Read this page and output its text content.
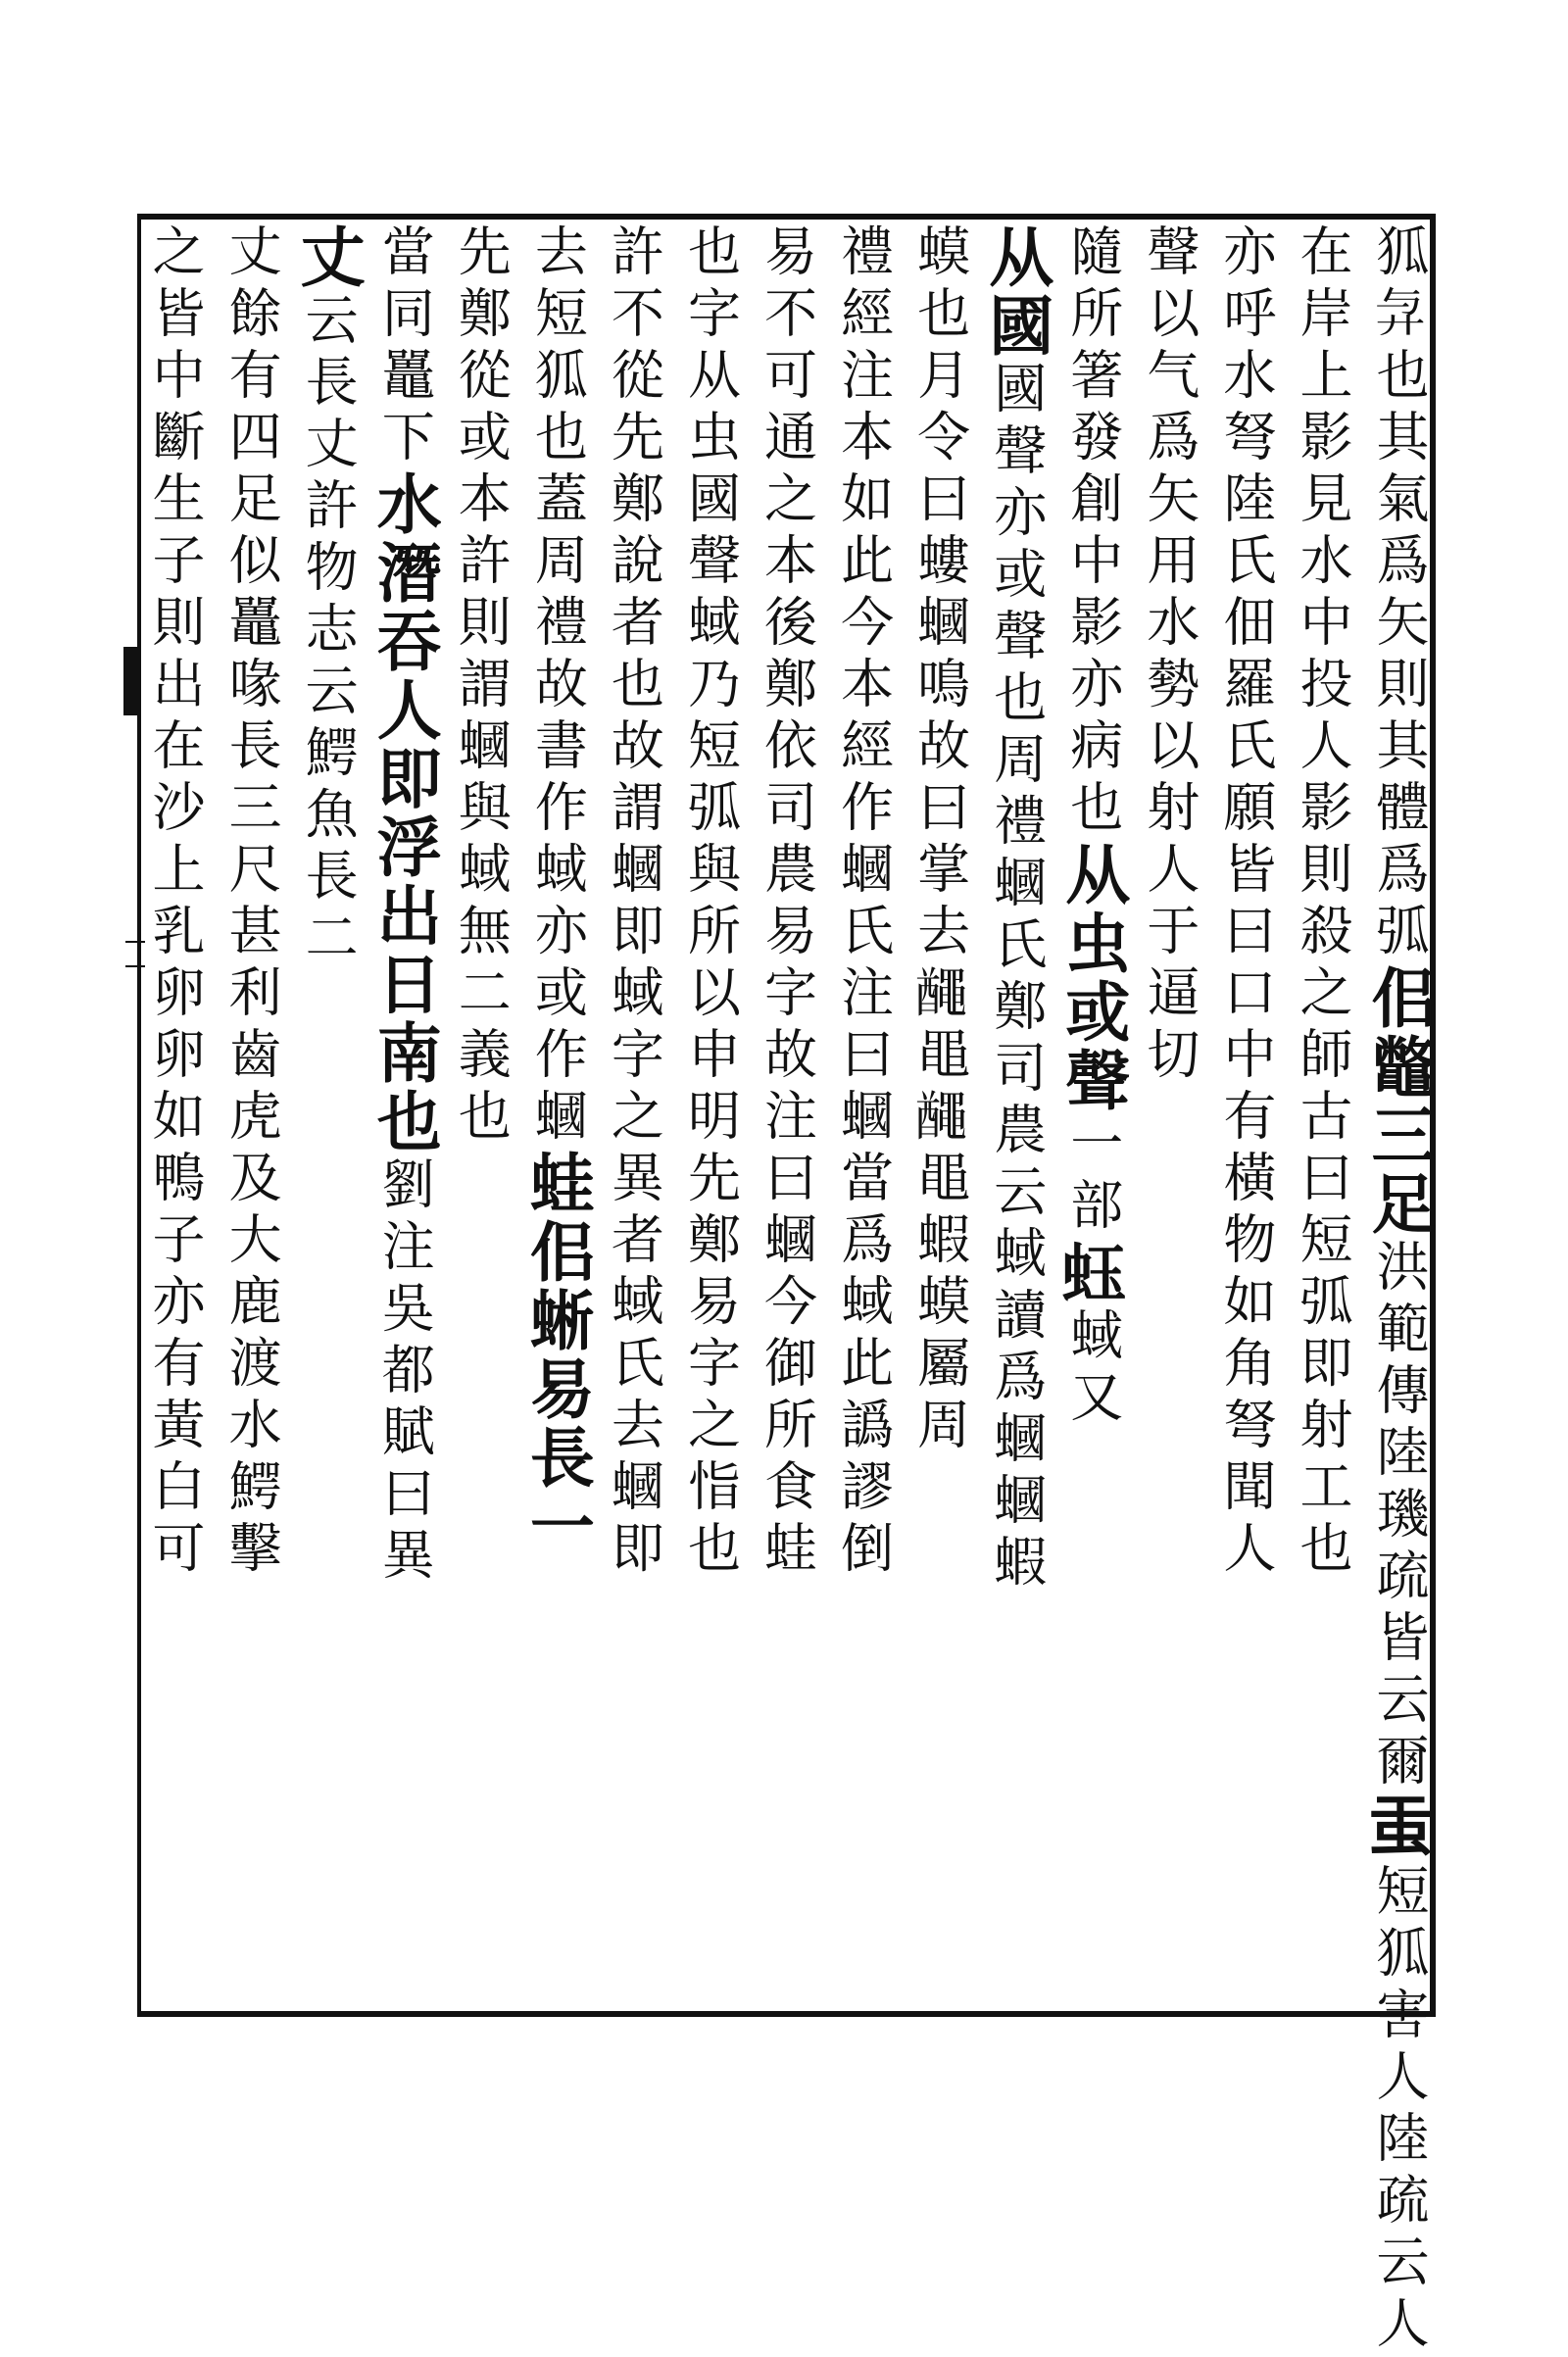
狐𢌱也其氣爲矢則其體爲弧佀鼈三足洪範傳陸璣疏皆云爾𧈫短狐害人陸疏云人
在岸上影見水中投人影則殺之師古曰短弧即射工也
亦呼水弩陸氏佃羅氏願皆曰口中有橫物如角弩聞人
聲以气爲矢用水勢以射人于逼切
隨所箸發創中影亦病也从虫或聲一部𧉣蜮又
从國國聲亦或聲也周禮蟈氏鄭司農云蜮讀爲蟈蟈蝦
蟆也月令曰螻蟈鳴故曰掌去𪓰黽𪓰黽蝦蟆屬周
禮經注本如此今本經作蟈氏注曰蟈當爲蜮此譌謬倒
易不可通之本後鄭依司農易字故注曰蟈今御所食蛙
也字从虫國聲蜮乃短弧與所以申明先鄭易字之恉也
許不從先鄭說者也故謂蟈即蜮字之異者蜮氏去蟈即
去短狐也蓋周禮故書作蜮亦或作蟈蛙佀蜥易長一
先鄭從或本許則謂蟈與蜮無二義也
當同鼉下水潛吞人即浮出日南也劉注吳都賦曰異
丈云長丈許物志云鰐魚長二
丈餘有四足似鼉喙長三尺甚利齒虎及大鹿渡水鰐擊
之皆中斷生子則出在沙上乳卵卵如鴨子亦有黃白可
